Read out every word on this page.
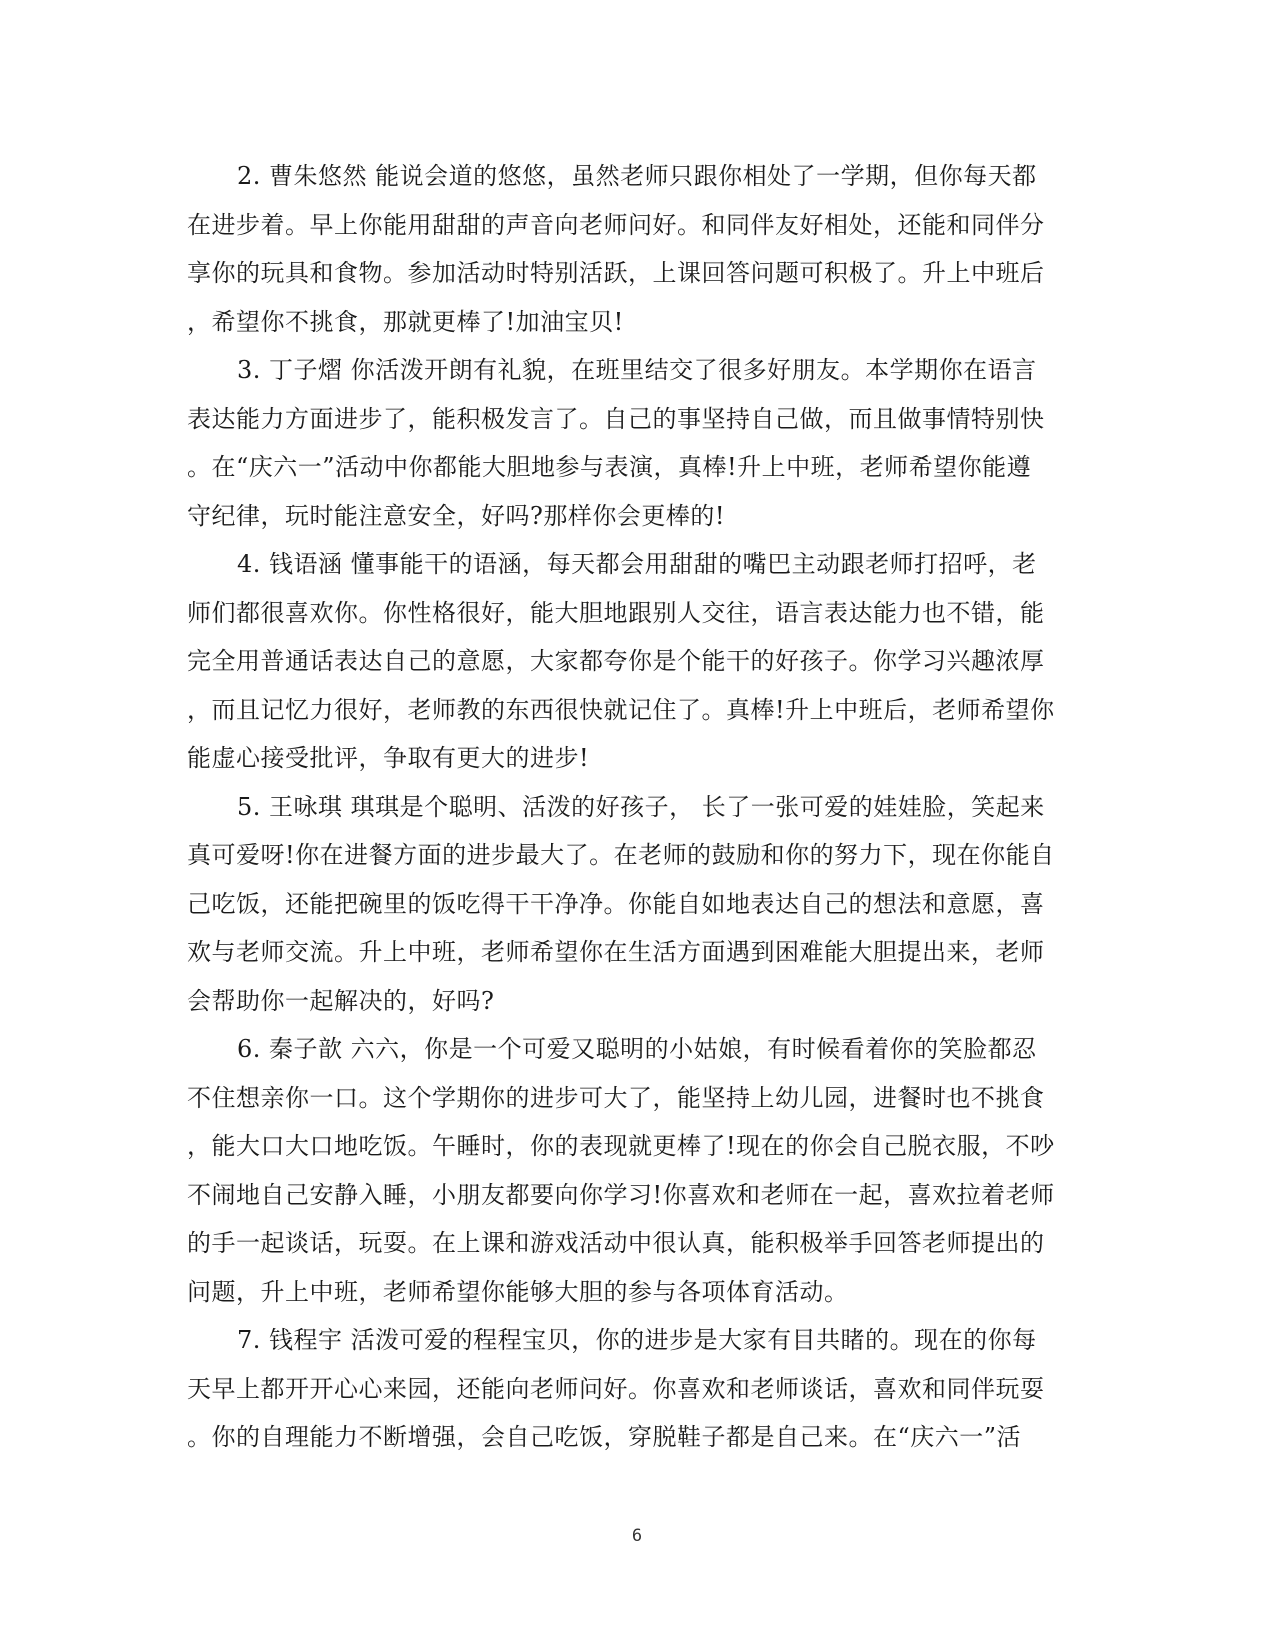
2. 曹朱悠然 能说会道的悠悠，虽然老师只跟你相处了一学期，但你每天都
在进步着。早上你能用甜甜的声音向老师问好。和同伴友好相处，还能和同伴分
享你的玩具和食物。参加活动时特别活跃，上课回答问题可积极了。升上中班后
，希望你不挑食，那就更棒了!加油宝贝!
3. 丁子熠 你活泼开朗有礼貌，在班里结交了很多好朋友。本学期你在语言
表达能力方面进步了，能积极发言了。自己的事坚持自己做，而且做事情特别快
。在“庆六一”活动中你都能大胆地参与表演，真棒!升上中班，老师希望你能遵
守纪律，玩时能注意安全，好吗?那样你会更棒的!
4. 钱语涵 懂事能干的语涵，每天都会用甜甜的嘴巴主动跟老师打招呼，老
师们都很喜欢你。你性格很好，能大胆地跟别人交往，语言表达能力也不错，能
完全用普通话表达自己的意愿，大家都夸你是个能干的好孩子。你学习兴趣浓厚
，而且记忆力很好，老师教的东西很快就记住了。真棒!升上中班后，老师希望你
能虚心接受批评，争取有更大的进步!
5. 王咏琪 琪琪是个聪明、活泼的好孩子， 长了一张可爱的娃娃脸，笑起来
真可爱呀!你在进餐方面的进步最大了。在老师的鼓励和你的努力下，现在你能自
己吃饭，还能把碗里的饭吃得干干净净。你能自如地表达自己的想法和意愿，喜
欢与老师交流。升上中班，老师希望你在生活方面遇到困难能大胆提出来，老师
会帮助你一起解决的，好吗?
6. 秦子歆 六六，你是一个可爱又聪明的小姑娘，有时候看着你的笑脸都忍
不住想亲你一口。这个学期你的进步可大了，能坚持上幼儿园，进餐时也不挑食
，能大口大口地吃饭。午睡时，你的表现就更棒了!现在的你会自己脱衣服，不吵
不闹地自己安静入睡，小朋友都要向你学习!你喜欢和老师在一起，喜欢拉着老师
的手一起谈话，玩耍。在上课和游戏活动中很认真，能积极举手回答老师提出的
问题，升上中班，老师希望你能够大胆的参与各项体育活动。
7. 钱程宇 活泼可爱的程程宝贝，你的进步是大家有目共睹的。现在的你每
天早上都开开心心来园，还能向老师问好。你喜欢和老师谈话，喜欢和同伴玩耍
。你的自理能力不断增强，会自己吃饭，穿脱鞋子都是自己来。在“庆六一”活
6
